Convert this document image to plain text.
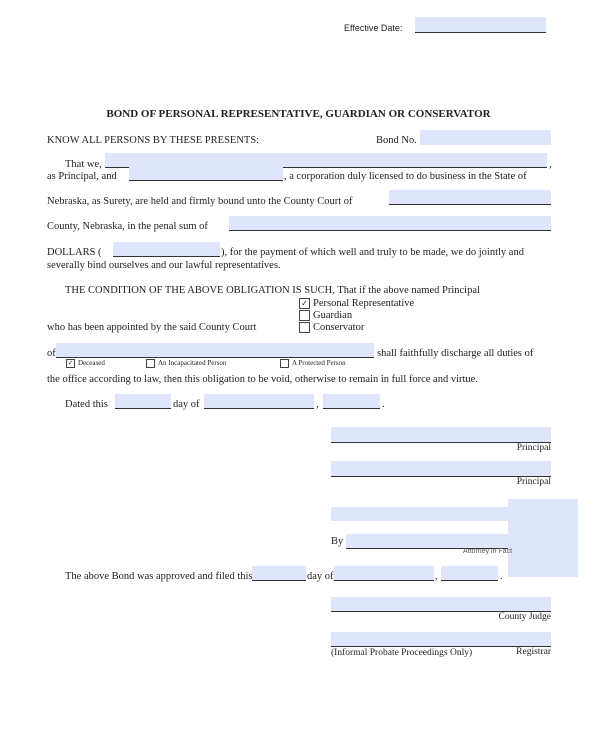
Effective Date:
BOND OF PERSONAL REPRESENTATIVE, GUARDIAN OR CONSERVATOR
KNOW ALL PERSONS BY THESE PRESENTS:	Bond No.
That we,	,
as Principal, and	, a corporation duly licensed to do business in the State of
Nebraska, as Surety, are held and firmly bound unto the County Court of
County, Nebraska, in the penal sum of
DOLLARS (	), for the payment of which well and truly to be made, we do jointly and
severally bind ourselves and our lawful representatives.
THE CONDITION OF THE ABOVE OBLIGATION IS SUCH, That if the above named Principal
✓ Personal Representative
Guardian
Conservator
who has been appointed by the said County Court
of	shall faithfully discharge all duties of
✓ Deceased	An Incapacitated Person	A Protected Person
the office according to law, then this obligation to be void, otherwise to remain in full force and virtue.
Dated this	day of	,	.
Principal
Principal
By
Attorney in Fact
The above Bond was approved and filed this	day of	,	.
County Judge
(Informal Probate Proceedings Only)	Registrar
